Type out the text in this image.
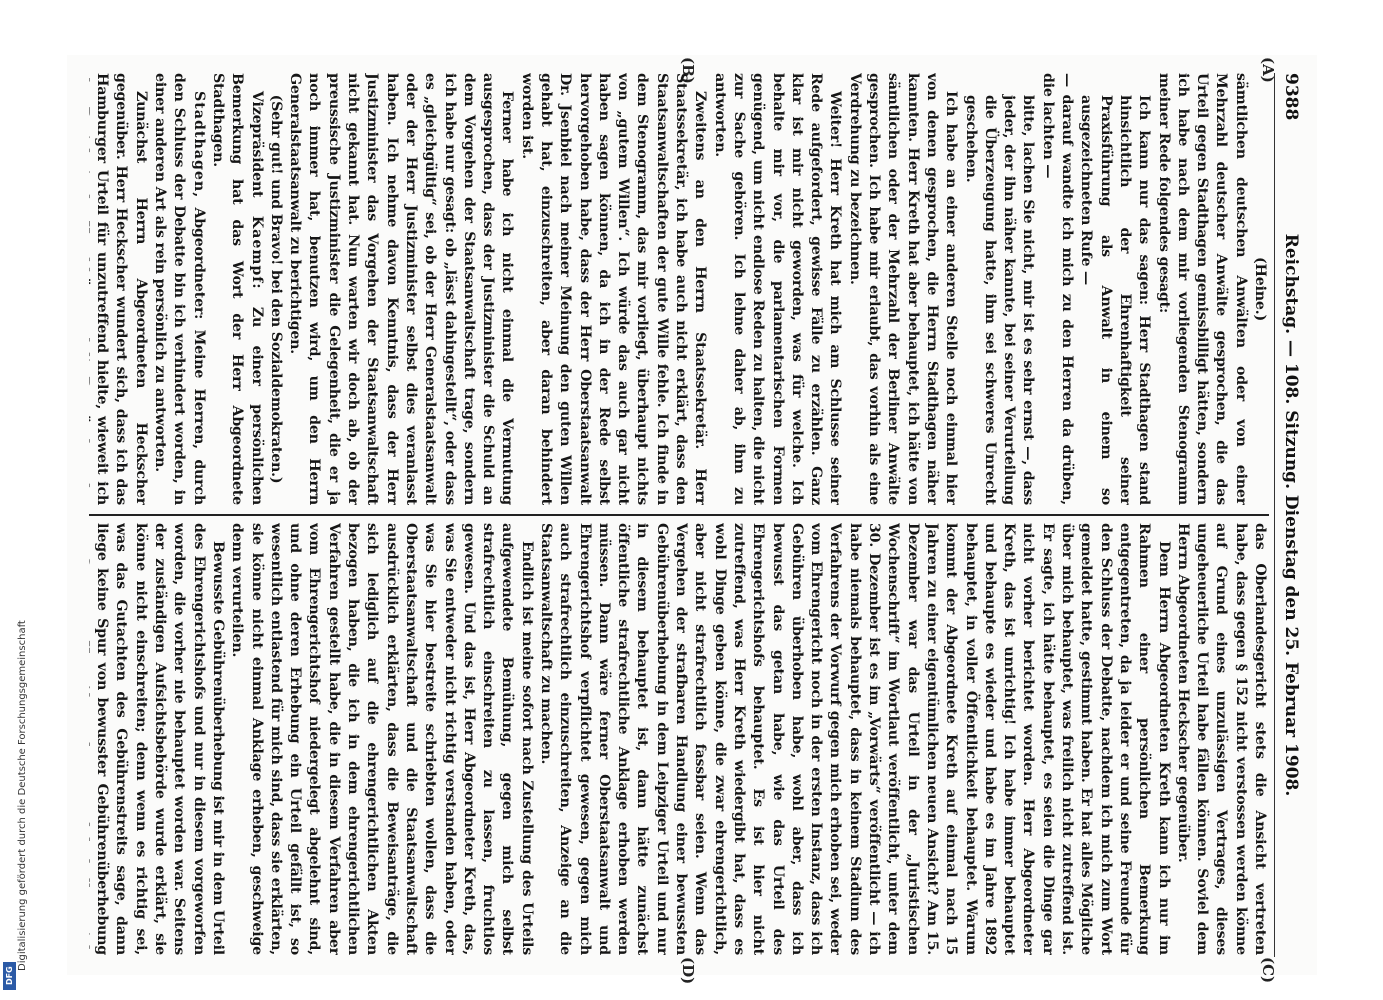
9388
Reichstag. — 108. Sitzung. Dienstag den 25. Februar 1908.
(A)
(B)
(C)
(D)

(Heine.)

sämtlichen deutschen Anwälten oder von einer Mehrzahl deutscher Anwälte gesprochen, die das Urteil gegen Stadthagen gemissbilligt hätten, sondern ich habe nach dem mir vorliegenden Stenogramm meiner Rede folgendes gesagt:

Ich kann nur das sagen: Herr Stadthagen stand hinsichtlich der Ehrenhaftigkeit seiner Praxisführung als Anwalt in einem so ausgezeichneten Rufe —

— darauf wandte ich mich zu den Herren da drüben, die lachten —

bitte, lachen Sie nicht, mir ist es sehr ernst —, dass jeder, der ihn näher kannte, bei seiner Verurteilung die Überzeugung hatte, ihm sei schweres Unrecht geschehen.

Ich habe an einer anderen Stelle noch einmal hier von denen gesprochen, die Herrn Stadthagen näher kannten. Herr Kreth hat aber behauptet, ich hätte von sämtlichen oder der Mehrzahl der Berliner Anwälte gesprochen. Ich habe mir erlaubt, das vorhin als eine Verdrehung zu bezeichnen.

Weiter! Herr Kreth hat mich am Schlusse seiner Rede aufgefordert, gewisse Fälle zu erzählen. Ganz klar ist mir nicht geworden, was für welche. Ich behalte mir vor, die parlamentarischen Formen genügend, um nicht endlose Reden zu halten, die nicht zur Sache gehören. Ich lehne daher ab, ihm zu antworten.

Zweitens an den Herrn Staatssekretär. Herr Staatssekretär, ich habe auch nicht erklärt, dass den Staatsanwaltschaften der gute Wille fehle. Ich finde in dem Stenogramm, das mir vorliegt, überhaupt nichts von „gutem Willen“. Ich würde das auch gar nicht haben sagen können, da ich in der Rede selbst hervorgehoben habe, dass der Herr Oberstaatsanwalt Dr. Jsenbiel nach meiner Meinung den guten Willen gehabt hat, einzuschreiten, aber daran behindert worden ist.

Ferner habe ich nicht einmal die Vermutung ausgesprochen, dass der Justizminister die Schuld an dem Vorgehen der Staatsanwaltschaft trage, sondern ich habe nur gesagt: ob „lässt dahingestellt“, oder dass es „gleichgültig“ sei, ob der Herr Generalstaatsanwalt oder der Herr Justizminister selbst dies veranlasst haben. Ich nehme davon Kenntnis, dass der Herr Justizminister das Vorgehen der Staatsanwaltschaft nicht gekannt hat. Nun warten wir doch ab, ob der preussische Justizminister die Gelegenheit, die er ja noch immer hat, benutzen wird, um den Herrn Generalstaatsanwalt zu berichtigen.

(Sehr gut! und Bravo! bei den Sozialdemokraten.)

Vizepräsident Kaempf: Zu einer persönlichen Bemerkung hat das Wort der Herr Abgeordnete Stadthagen.

Stadthagen, Abgeordneter: Meine Herren, durch den Schluss der Debatte bin ich verhindert worden, in einer anderen Art als rein persönlich zu antworten.

Zunächst Herrn Abgeordneten Heckscher gegenüber. Herr Heckscher wundert sich, dass ich das Hamburger Urteil für unzutreffend hielte, wieweit ich

das Oberlandesgericht stets die Ansicht vertreten habe, dass gegen § 152 nicht verstossen werden könne auf Grund eines unzulässigen Vertrages, dieses ungeheuerliche Urteil habe fällen können. Soviel dem Herrn Abgeordneten Heckscher gegenüber.

Dem Herrn Abgeordneten Kreth kann ich nur im Rahmen einer persönlichen Bemerkung entgegentreten, da ja leider er und seine Freunde für den Schluss der Debatte, nachdem ich mich zum Wort gemeldet hatte, gestimmt haben. Er hat alles Mögliche über mich behauptet, was freilich nicht zutreffend ist. Er sagte, ich hätte behauptet, es seien die Dinge gar nicht vorher berichtet worden. Herr Abgeordneter Kreth, das ist unrichtig! Ich habe immer behauptet und behaupte es wieder und habe es im Jahre 1892 behauptet, in voller Öffentlichkeit behauptet. Warum kommt der Abgeordnete Kreth auf einmal nach 15 Jahren zu einer eigentümlichen neuen Ansicht? Am 15. Dezember war das Urteil in der „Juristischen Wochenschrift“ im Wortlaut veröffentlicht, unter dem 30. Dezember ist es im „Vorwärts“ veröffentlicht — ich habe niemals behauptet, dass in keinem Stadium des Verfahrens der Vorwurf gegen mich erhoben sei, weder vom Ehrengericht noch in der ersten Instanz, dass ich Gebühren überhoben habe, wohl aber, dass ich bewusst das getan habe, wie das Urteil des Ehrengerichtshofs behauptet. Es ist hier nicht zutreffend, was Herr Kreth wiedergibt hat, dass es wohl Dinge geben könne, die zwar ehrengerichtlich, aber nicht strafrechtlich fassbar seien. Wenn das Vergehen der strafbaren Handlung einer bewussten Gebührenüberhebung in dem Leipziger Urteil und nur in diesem behauptet ist, dann hätte zunächst öffentliche strafrechtliche Anklage erhoben werden müssen. Dann wäre ferner Oberstaatsanwalt und Ehrengerichtshof verpflichtet gewesen, gegen mich auch strafrechtlich einzuschreiten, Anzeige an die Staatsanwaltschaft zu machen.

Endlich ist meine sofort nach Zustellung des Urteils aufgewendete Bemühung, gegen mich selbst strafrechtlich einschreiten zu lassen, fruchtlos gewesen. Und das ist, Herr Abgeordneter Kreth, das, was Sie entweder nicht richtig verstanden haben, oder was Sie hier bestreite schriebten wollen, dass die Oberstaatsanwaltschaft und die Staatsanwaltschaft ausdrücklich erklärten, dass die Beweisanträge, die sich lediglich auf die ehrengerichtlichen Akten bezogen haben, die ich in dem ehrengerichtlichen Verfahren gestellt habe, die in diesem Verfahren aber vom Ehrengerichtshof niedergelegt abgelehnt sind, und ohne deren Erhebung ein Urteil gefällt ist, so wesentlich entlastend für mich sind, dass sie erklärten, sie könne nicht einmal Anklage erheben, geschweige denn verurteilen.

Bewusste Gebührenüberhebung ist mir in dem Urteil des Ehrengerichtshofs und nur in diesem vorgeworfen worden, die vorher nie behauptet worden war. Seitens der zuständigen Aufsichtsbehörde wurde erklärt, sie könne nicht einschreiten; denn wenn es richtig sei, was das Gutachten des Gebührenstreits sage, dann liege keine Spur von bewusster Gebührenüberhebung

Digitalisierung gefördert durch die Deutsche Forschungsgemeinschaft
DFG
